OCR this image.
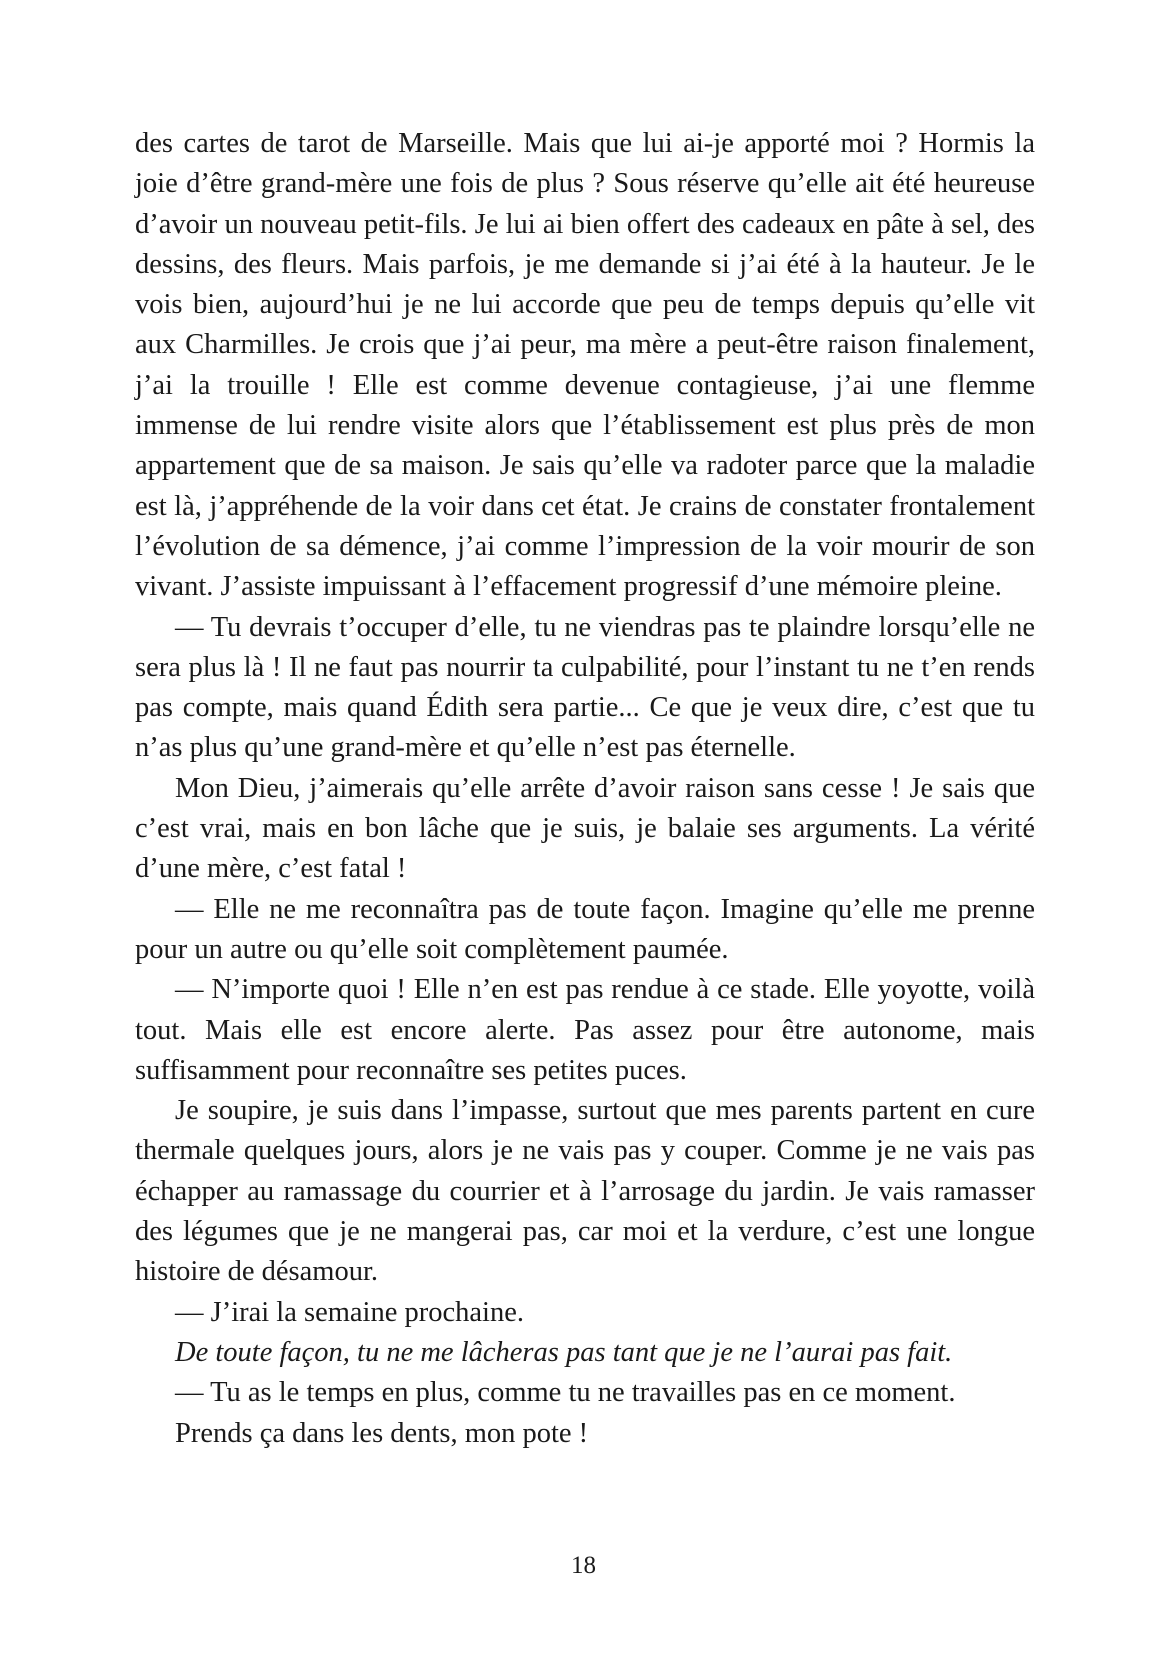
des cartes de tarot de Marseille. Mais que lui ai-je apporté moi ? Hormis la joie d’être grand-mère une fois de plus ? Sous réserve qu’elle ait été heureuse d’avoir un nouveau petit-fils. Je lui ai bien offert des cadeaux en pâte à sel, des dessins, des fleurs. Mais parfois, je me demande si j’ai été à la hauteur. Je le vois bien, aujourd’hui je ne lui accorde que peu de temps depuis qu’elle vit aux Charmilles. Je crois que j’ai peur, ma mère a peut-être raison finalement, j’ai la trouille ! Elle est comme devenue contagieuse, j’ai une flemme immense de lui rendre visite alors que l’établissement est plus près de mon appartement que de sa maison. Je sais qu’elle va radoter parce que la maladie est là, j’appréhende de la voir dans cet état. Je crains de constater frontalement l’évolution de sa démence, j’ai comme l’impression de la voir mourir de son vivant. J’assiste impuissant à l’effacement progressif d’une mémoire pleine.

— Tu devrais t’occuper d’elle, tu ne viendras pas te plaindre lorsqu’elle ne sera plus là ! Il ne faut pas nourrir ta culpabilité, pour l’instant tu ne t’en rends pas compte, mais quand Édith sera partie... Ce que je veux dire, c’est que tu n’as plus qu’une grand-mère et qu’elle n’est pas éternelle.

Mon Dieu, j’aimerais qu’elle arrête d’avoir raison sans cesse ! Je sais que c’est vrai, mais en bon lâche que je suis, je balaie ses arguments. La vérité d’une mère, c’est fatal !

— Elle ne me reconnaîtra pas de toute façon. Imagine qu’elle me prenne pour un autre ou qu’elle soit complètement paumée.

— N’importe quoi ! Elle n’en est pas rendue à ce stade. Elle yoyotte, voilà tout. Mais elle est encore alerte. Pas assez pour être autonome, mais suffisamment pour reconnaître ses petites puces.

Je soupire, je suis dans l’impasse, surtout que mes parents partent en cure thermale quelques jours, alors je ne vais pas y couper. Comme je ne vais pas échapper au ramassage du courrier et à l’arrosage du jardin. Je vais ramasser des légumes que je ne mangerai pas, car moi et la verdure, c’est une longue histoire de désamour.

— J’irai la semaine prochaine.

De toute façon, tu ne me lâcheras pas tant que je ne l’aurai pas fait.

— Tu as le temps en plus, comme tu ne travailles pas en ce moment.

Prends ça dans les dents, mon pote !

18
